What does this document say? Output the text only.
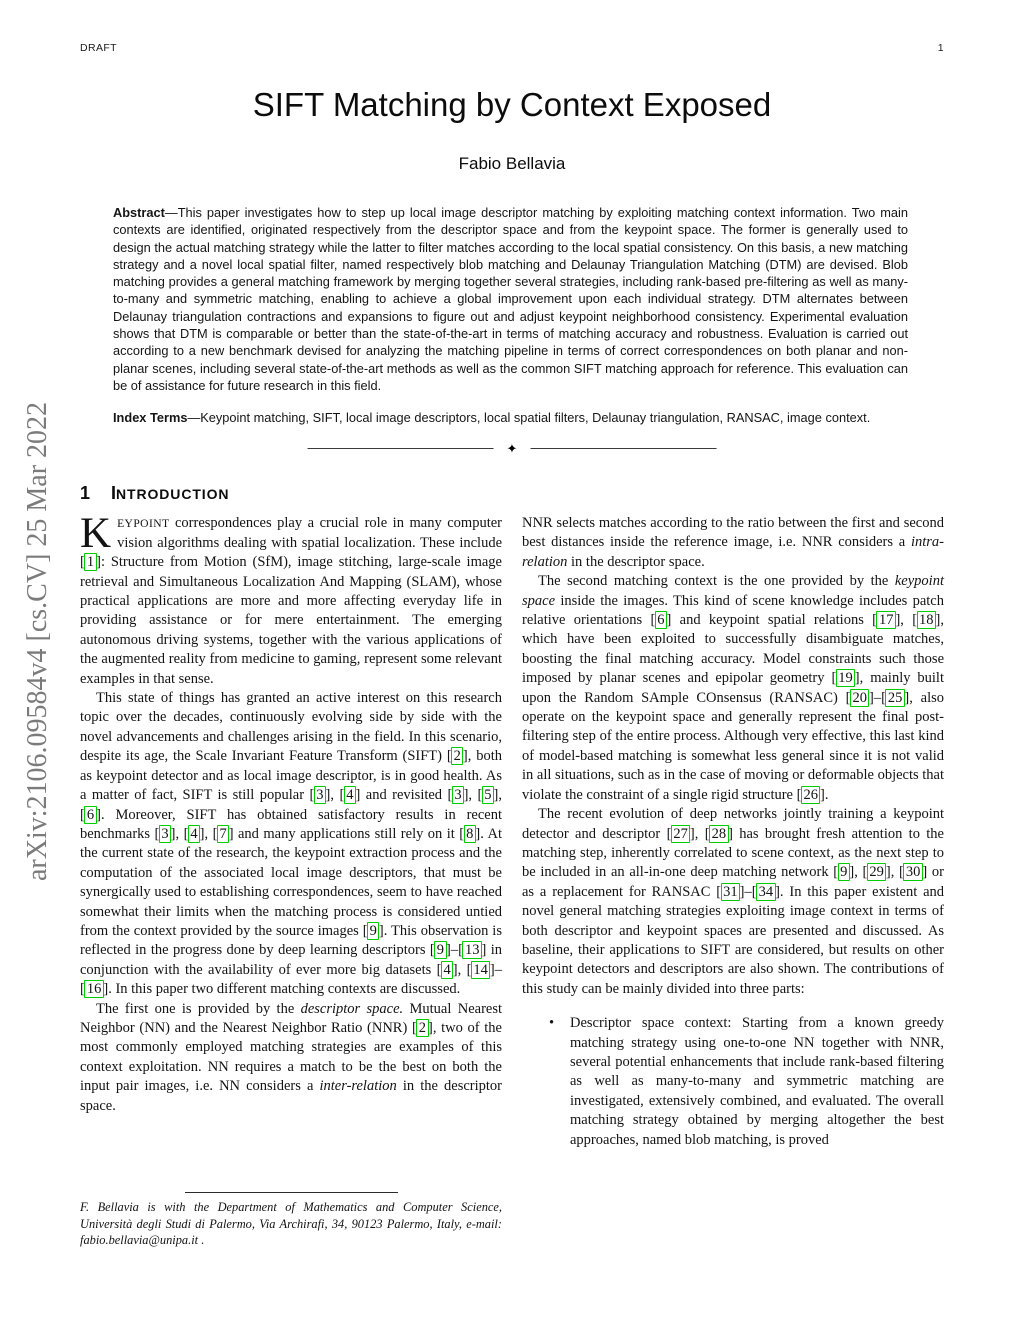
DRAFT	1
SIFT Matching by Context Exposed
Fabio Bellavia
Abstract—This paper investigates how to step up local image descriptor matching by exploiting matching context information. Two main contexts are identified, originated respectively from the descriptor space and from the keypoint space. The former is generally used to design the actual matching strategy while the latter to filter matches according to the local spatial consistency. On this basis, a new matching strategy and a novel local spatial filter, named respectively blob matching and Delaunay Triangulation Matching (DTM) are devised. Blob matching provides a general matching framework by merging together several strategies, including rank-based pre-filtering as well as many-to-many and symmetric matching, enabling to achieve a global improvement upon each individual strategy. DTM alternates between Delaunay triangulation contractions and expansions to figure out and adjust keypoint neighborhood consistency. Experimental evaluation shows that DTM is comparable or better than the state-of-the-art in terms of matching accuracy and robustness. Evaluation is carried out according to a new benchmark devised for analyzing the matching pipeline in terms of correct correspondences on both planar and non-planar scenes, including several state-of-the-art methods as well as the common SIFT matching approach for reference. This evaluation can be of assistance for future research in this field.
Index Terms—Keypoint matching, SIFT, local image descriptors, local spatial filters, Delaunay triangulation, RANSAC, image context.
✦
1 INTRODUCTION

KEYPOINT correspondences play a crucial role in many computer vision algorithms dealing with spatial localization. These include [ 1 ]: Structure from Motion (SfM), image stitching, large-scale image retrieval and Simultaneous Localization And Mapping (SLAM), whose practical applications are more and more affecting everyday life in providing assistance or for mere entertainment. The emerging autonomous driving systems, together with the various applications of the augmented reality from medicine to gaming, represent some relevant examples in that sense.

This state of things has granted an active interest on this research topic over the decades, continuously evolving side by side with the novel advancements and challenges arising in the field. In this scenario, despite its age, the Scale Invariant Feature Transform (SIFT) [ 2 ], both as keypoint detector and as local image descriptor, is in good health. As a matter of fact, SIFT is still popular [ 3 ], [ 4 ] and revisited [ 3 ], [ 5 ], [ 6 ]. Moreover, SIFT has obtained satisfactory results in recent benchmarks [ 3 ], [ 4 ], [ 7 ] and many applications still rely on it [ 8 ]. At the current state of the research, the keypoint extraction process and the computation of the associated local image descriptors, that must be synergically used to establishing correspondences, seem to have reached somewhat their limits when the matching process is considered untied from the context provided by the source images [ 9 ]. This observation is reflected in the progress done by deep learning descriptors [ 9 ]–[ 13 ] in conjunction with the availability of ever more big datasets [ 4 ], [ 14 ]–[ 16 ]. In this paper two different matching contexts are discussed.

The first one is provided by the descriptor space. Mutual Nearest Neighbor (NN) and the Nearest Neighbor Ratio (NNR) [ 2 ], two of the most commonly employed matching strategies are examples of this context exploitation. NN requires a match to be the best on both the input pair images, i.e. NN considers a inter-relation in the descriptor space.

NNR selects matches according to the ratio between the first and second best distances inside the reference image, i.e. NNR considers a intra-relation in the descriptor space.

The second matching context is the one provided by the keypoint space inside the images. This kind of scene knowledge includes patch relative orientations [ 6 ] and keypoint spatial relations [ 17 ], [ 18 ], which have been exploited to successfully disambiguate matches, boosting the final matching accuracy. Model constraints such those imposed by planar scenes and epipolar geometry [ 19 ], mainly built upon the Random SAmple COnsensus (RANSAC) [ 20 ]–[ 25 ], also operate on the keypoint space and generally represent the final post-filtering step of the entire process. Although very effective, this last kind of model-based matching is somewhat less general since it is not valid in all situations, such as in the case of moving or deformable objects that violate the constraint of a single rigid structure [ 26 ].

The recent evolution of deep networks jointly training a keypoint detector and descriptor [ 27 ], [ 28 ] has brought fresh attention to the matching step, inherently correlated to scene context, as the next step to be included in an all-in-one deep matching network [ 9 ], [ 29 ], [ 30 ] or as a replacement for RANSAC [ 31 ]–[ 34 ]. In this paper existent and novel general matching strategies exploiting image context in terms of both descriptor and keypoint spaces are presented and discussed. As baseline, their applications to SIFT are considered, but results on other keypoint detectors and descriptors are also shown. The contributions of this study can be mainly divided into three parts:

•	Descriptor space context: Starting from a known greedy matching strategy using one-to-one NN together with NNR, several potential enhancements that include rank-based filtering as well as many-to-many and symmetric matching are investigated, extensively combined, and evaluated. The overall matching strategy obtained by merging altogether the best approaches, named blob matching, is proved
F. Bellavia is with the Department of Mathematics and Computer Science, Università degli Studi di Palermo, Via Archirafi, 34, 90123 Palermo, Italy, e-mail: fabio.bellavia@unipa.it .
arXiv:2106.09584v4 [cs.CV] 25 Mar 2022
